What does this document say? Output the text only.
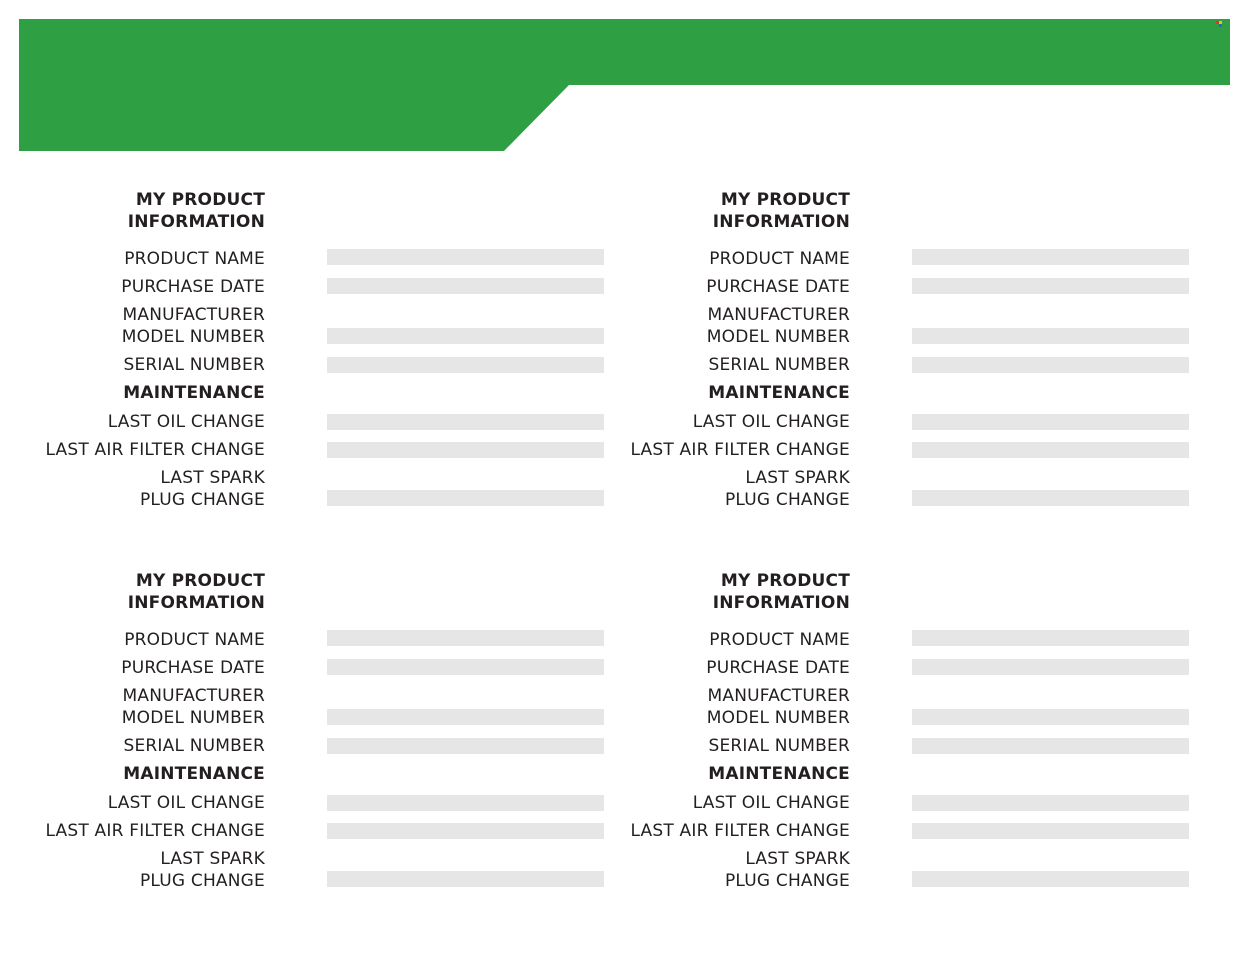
MY PRODUCT
INFORMATION
PRODUCT NAME
PURCHASE DATE
MANUFACTURER
MODEL NUMBER
SERIAL NUMBER
MAINTENANCE
LAST OIL CHANGE
LAST AIR FILTER CHANGE
LAST SPARK
PLUG CHANGE
MY PRODUCT
INFORMATION
PRODUCT NAME
PURCHASE DATE
MANUFACTURER
MODEL NUMBER
SERIAL NUMBER
MAINTENANCE
LAST OIL CHANGE
LAST AIR FILTER CHANGE
LAST SPARK
PLUG CHANGE
MY PRODUCT
INFORMATION
PRODUCT NAME
PURCHASE DATE
MANUFACTURER
MODEL NUMBER
SERIAL NUMBER
MAINTENANCE
LAST OIL CHANGE
LAST AIR FILTER CHANGE
LAST SPARK
PLUG CHANGE
MY PRODUCT
INFORMATION
PRODUCT NAME
PURCHASE DATE
MANUFACTURER
MODEL NUMBER
SERIAL NUMBER
MAINTENANCE
LAST OIL CHANGE
LAST AIR FILTER CHANGE
LAST SPARK
PLUG CHANGE
